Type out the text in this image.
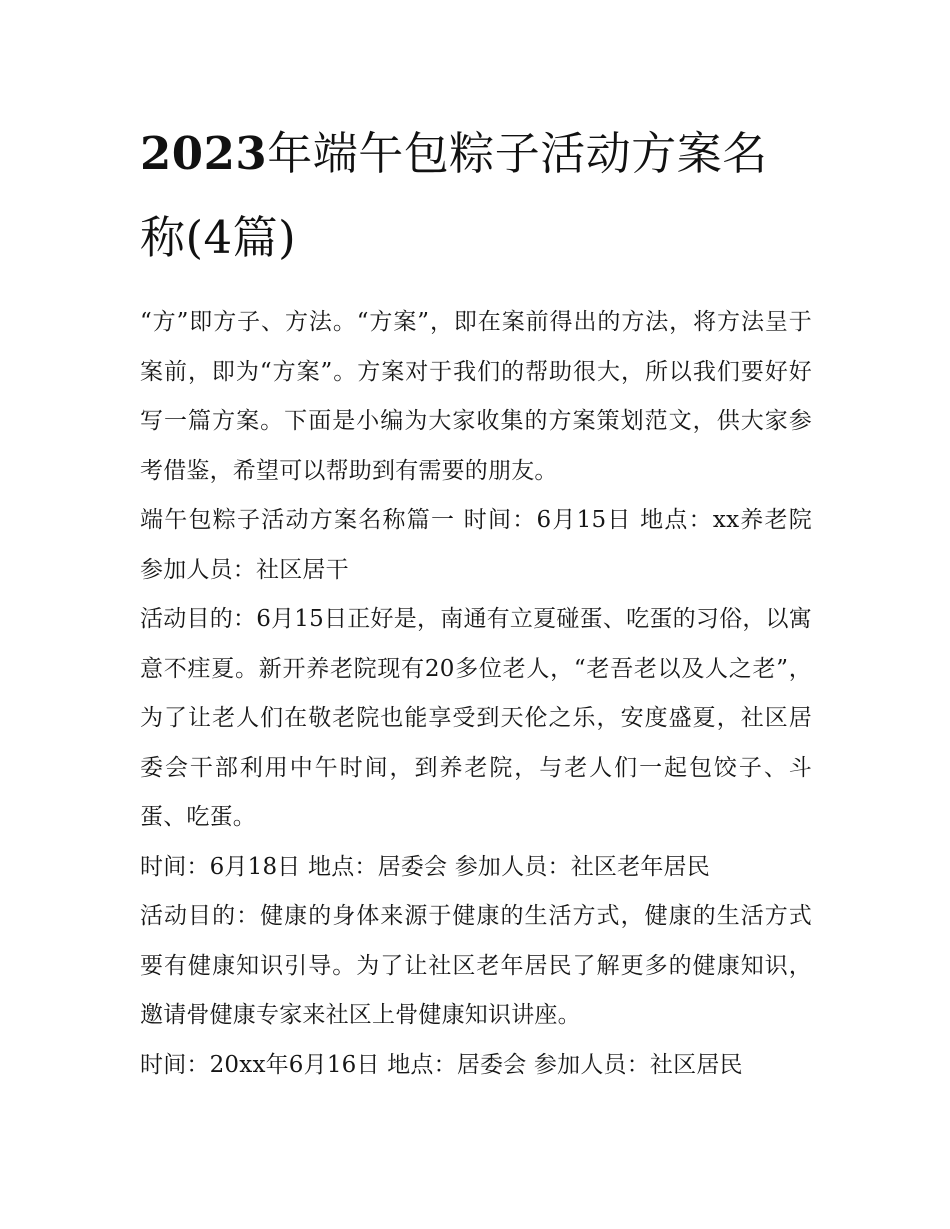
2023年端午包粽子活动方案名称(4篇)

“方”即方子、方法。“方案”，即在案前得出的方法，将方法呈于案前，即为“方案”。方案对于我们的帮助很大，所以我们要好好写一篇方案。下面是小编为大家收集的方案策划范文，供大家参考借鉴，希望可以帮助到有需要的朋友。

端午包粽子活动方案名称篇一 时间：6月15日 地点：xx养老院 参加人员：社区居干

活动目的：6月15日正好是，南通有立夏碰蛋、吃蛋的习俗，以寓意不疰夏。新开养老院现有20多位老人，“老吾老以及人之老”，为了让老人们在敬老院也能享受到天伦之乐，安度盛夏，社区居委会干部利用中午时间，到养老院，与老人们一起包饺子、斗蛋、吃蛋。

时间：6月18日 地点：居委会 参加人员：社区老年居民

活动目的：健康的身体来源于健康的生活方式，健康的生活方式要有健康知识引导。为了让社区老年居民了解更多的健康知识，邀请骨健康专家来社区上骨健康知识讲座。

时间：20xx年6月16日 地点：居委会 参加人员：社区居民
